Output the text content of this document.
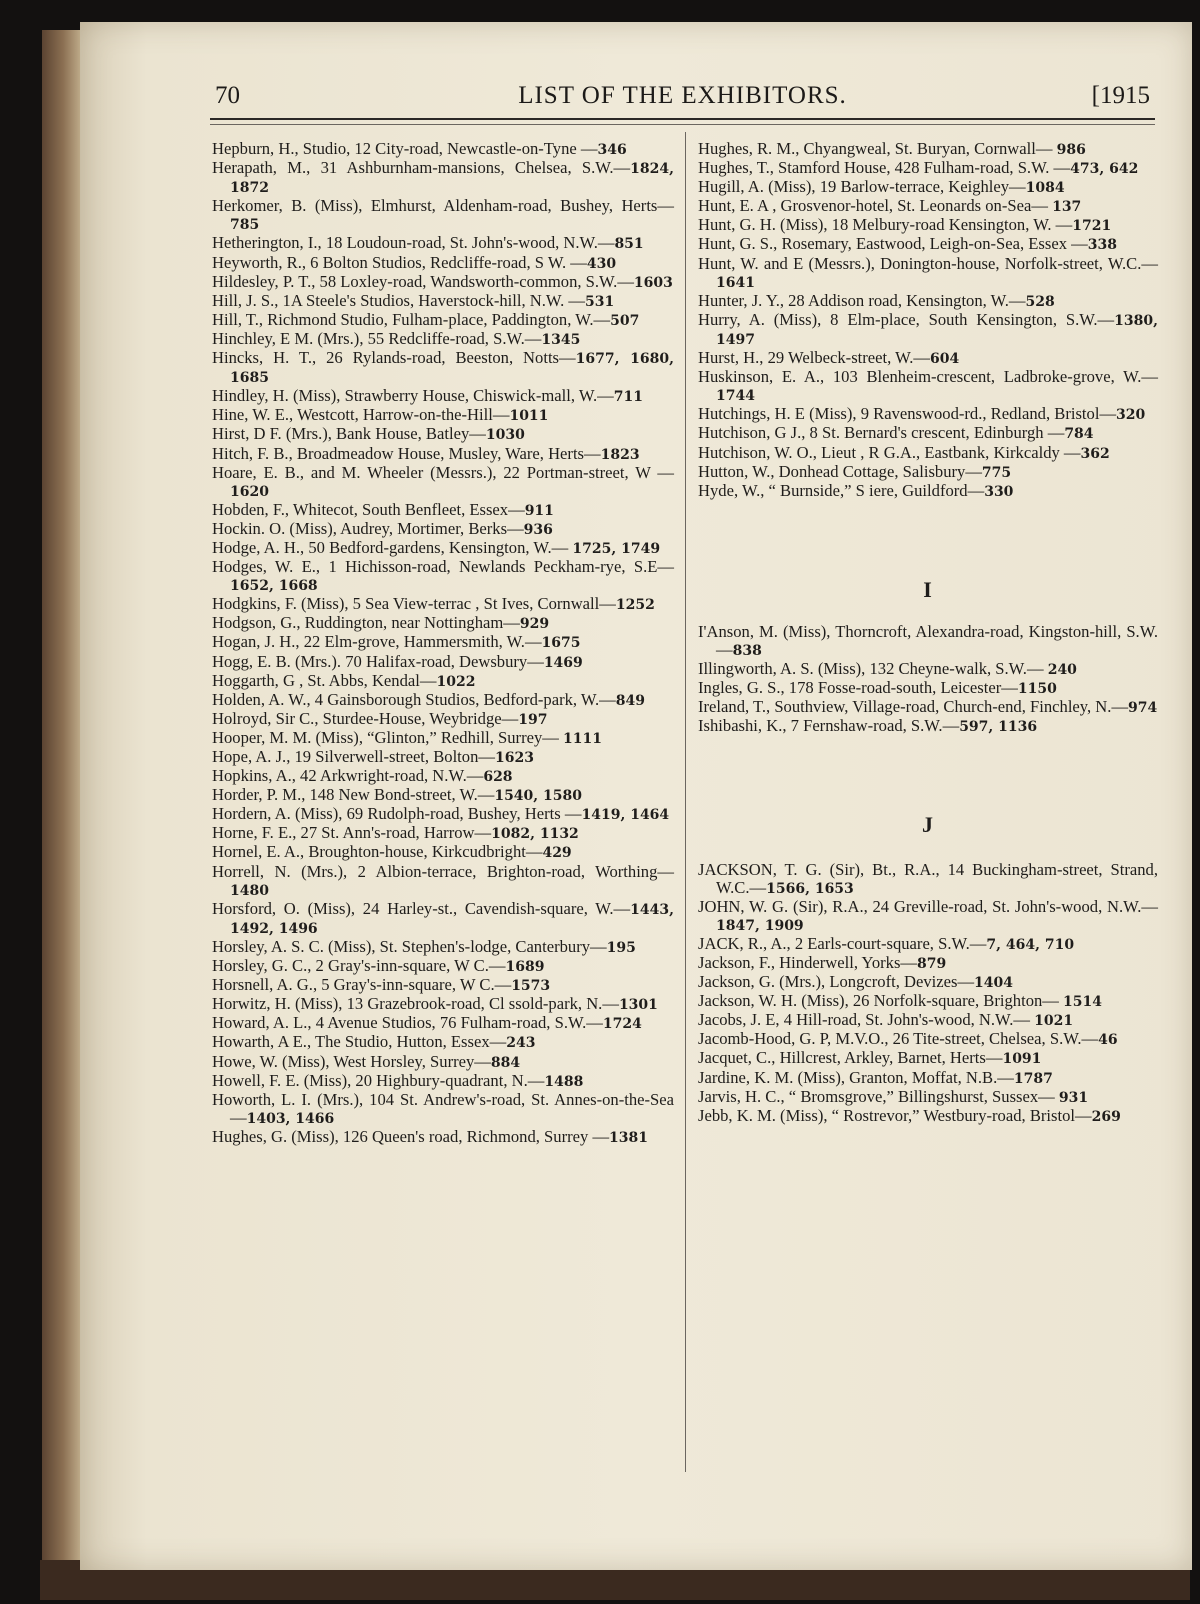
70	LIST OF THE EXHIBITORS.	[1915

Hepburn, H., Studio, 12 City-road, Newcastle-on-Tyne —346

Herapath, M., 31 Ashburnham-mansions, Chelsea, S.W.—1824, 1872

Herkomer, B. (Miss), Elmhurst, Aldenham-road, Bushey, Herts—785

Hetherington, I., 18 Loudoun-road, St. John's-wood, N.W.—851

Heyworth, R., 6 Bolton Studios, Redcliffe-road, S W. —430

Hildesley, P. T., 58 Loxley-road, Wandsworth-common, S.W.—1603

Hill, J. S., 1A Steele's Studios, Haverstock-hill, N.W. —531

Hill, T., Richmond Studio, Fulham-place, Paddington, W.—507

Hinchley, E M. (Mrs.), 55 Redcliffe-road, S.W.—1345

Hincks, H. T., 26 Rylands-road, Beeston, Notts—1677, 1680, 1685

Hindley, H. (Miss), Strawberry House, Chiswick-mall, W.—711

Hine, W. E., Westcott, Harrow-on-the-Hill—1011

Hirst, D F. (Mrs.), Bank House, Batley—1030

Hitch, F. B., Broadmeadow House, Musley, Ware, Herts—1823

Hoare, E. B., and M. Wheeler (Messrs.), 22 Portman-street, W —1620

Hobden, F., Whitecot, South Benfleet, Essex—911

Hockin. O. (Miss), Audrey, Mortimer, Berks—936

Hodge, A. H., 50 Bedford-gardens, Kensington, W.— 1725, 1749

Hodges, W. E., 1 Hichisson-road, Newlands Peckham-rye, S.E—1652, 1668

Hodgkins, F. (Miss), 5 Sea View-terrac , St Ives, Cornwall—1252

Hodgson, G., Ruddington, near Nottingham—929

Hogan, J. H., 22 Elm-grove, Hammersmith, W.—1675

Hogg, E. B. (Mrs.). 70 Halifax-road, Dewsbury—1469

Hoggarth, G , St. Abbs, Kendal—1022

Holden, A. W., 4 Gainsborough Studios, Bedford-park, W.—849

Holroyd, Sir C., Sturdee-House, Weybridge—197

Hooper, M. M. (Miss), “Glinton,” Redhill, Surrey— 1111

Hope, A. J., 19 Silverwell-street, Bolton—1623

Hopkins, A., 42 Arkwright-road, N.W.—628

Horder, P. M., 148 New Bond-street, W.—1540, 1580

Hordern, A. (Miss), 69 Rudolph-road, Bushey, Herts —1419, 1464

Horne, F. E., 27 St. Ann's-road, Harrow—1082, 1132

Hornel, E. A., Broughton-house, Kirkcudbright—429

Horrell, N. (Mrs.), 2 Albion-terrace, Brighton-road, Worthing—1480

Horsford, O. (Miss), 24 Harley-st., Cavendish-square, W.—1443, 1492, 1496

Horsley, A. S. C. (Miss), St. Stephen's-lodge, Canterbury—195

Horsley, G. C., 2 Gray's-inn-square, W C.—1689

Horsnell, A. G., 5 Gray's-inn-square, W C.—1573

Horwitz, H. (Miss), 13 Grazebrook-road, Cl ssold-park, N.—1301

Howard, A. L., 4 Avenue Studios, 76 Fulham-road, S.W.—1724

Howarth, A E., The Studio, Hutton, Essex—243

Howe, W. (Miss), West Horsley, Surrey—884

Howell, F. E. (Miss), 20 Highbury-quadrant, N.—1488

Howorth, L. I. (Mrs.), 104 St. Andrew's-road, St. Annes-on-the-Sea—1403, 1466

Hughes, G. (Miss), 126 Queen's road, Richmond, Surrey —1381

Hughes, R. M., Chyangweal, St. Buryan, Cornwall— 986

Hughes, T., Stamford House, 428 Fulham-road, S.W. —473, 642

Hugill, A. (Miss), 19 Barlow-terrace, Keighley—1084

Hunt, E. A , Grosvenor-hotel, St. Leonards on-Sea— 137

Hunt, G. H. (Miss), 18 Melbury-road Kensington, W. —1721

Hunt, G. S., Rosemary, Eastwood, Leigh-on-Sea, Essex —338

Hunt, W. and E (Messrs.), Donington-house, Norfolk-street, W.C.—1641

Hunter, J. Y., 28 Addison road, Kensington, W.—528

Hurry, A. (Miss), 8 Elm-place, South Kensington, S.W.—1380, 1497

Hurst, H., 29 Welbeck-street, W.—604

Huskinson, E. A., 103 Blenheim-crescent, Ladbroke-grove, W.—1744

Hutchings, H. E (Miss), 9 Ravenswood-rd., Redland, Bristol—320

Hutchison, G J., 8 St. Bernard's crescent, Edinburgh —784

Hutchison, W. O., Lieut , R G.A., Eastbank, Kirkcaldy —362

Hutton, W., Donhead Cottage, Salisbury—775

Hyde, W., “ Burnside,” S iere, Guildford—330

I

I'Anson, M. (Miss), Thorncroft, Alexandra-road, Kingston-hill, S.W.—838

Illingworth, A. S. (Miss), 132 Cheyne-walk, S.W.— 240

Ingles, G. S., 178 Fosse-road-south, Leicester—1150

Ireland, T., Southview, Village-road, Church-end, Finchley, N.—974

Ishibashi, K., 7 Fernshaw-road, S.W.—597, 1136

J

JACKSON, T. G. (Sir), Bt., R.A., 14 Buckingham-street, Strand, W.C.—1566, 1653

JOHN, W. G. (Sir), R.A., 24 Greville-road, St. John's-wood, N.W.—1847, 1909

JACK, R., A., 2 Earls-court-square, S.W.—7, 464, 710

Jackson, F., Hinderwell, Yorks—879

Jackson, G. (Mrs.), Longcroft, Devizes—1404

Jackson, W. H. (Miss), 26 Norfolk-square, Brighton— 1514

Jacobs, J. E, 4 Hill-road, St. John's-wood, N.W.— 1021

Jacomb-Hood, G. P, M.V.O., 26 Tite-street, Chelsea, S.W.—46

Jacquet, C., Hillcrest, Arkley, Barnet, Herts—1091

Jardine, K. M. (Miss), Granton, Moffat, N.B.—1787

Jarvis, H. C., “ Bromsgrove,” Billingshurst, Sussex— 931

Jebb, K. M. (Miss), “ Rostrevor,” Westbury-road, Bristol—269
